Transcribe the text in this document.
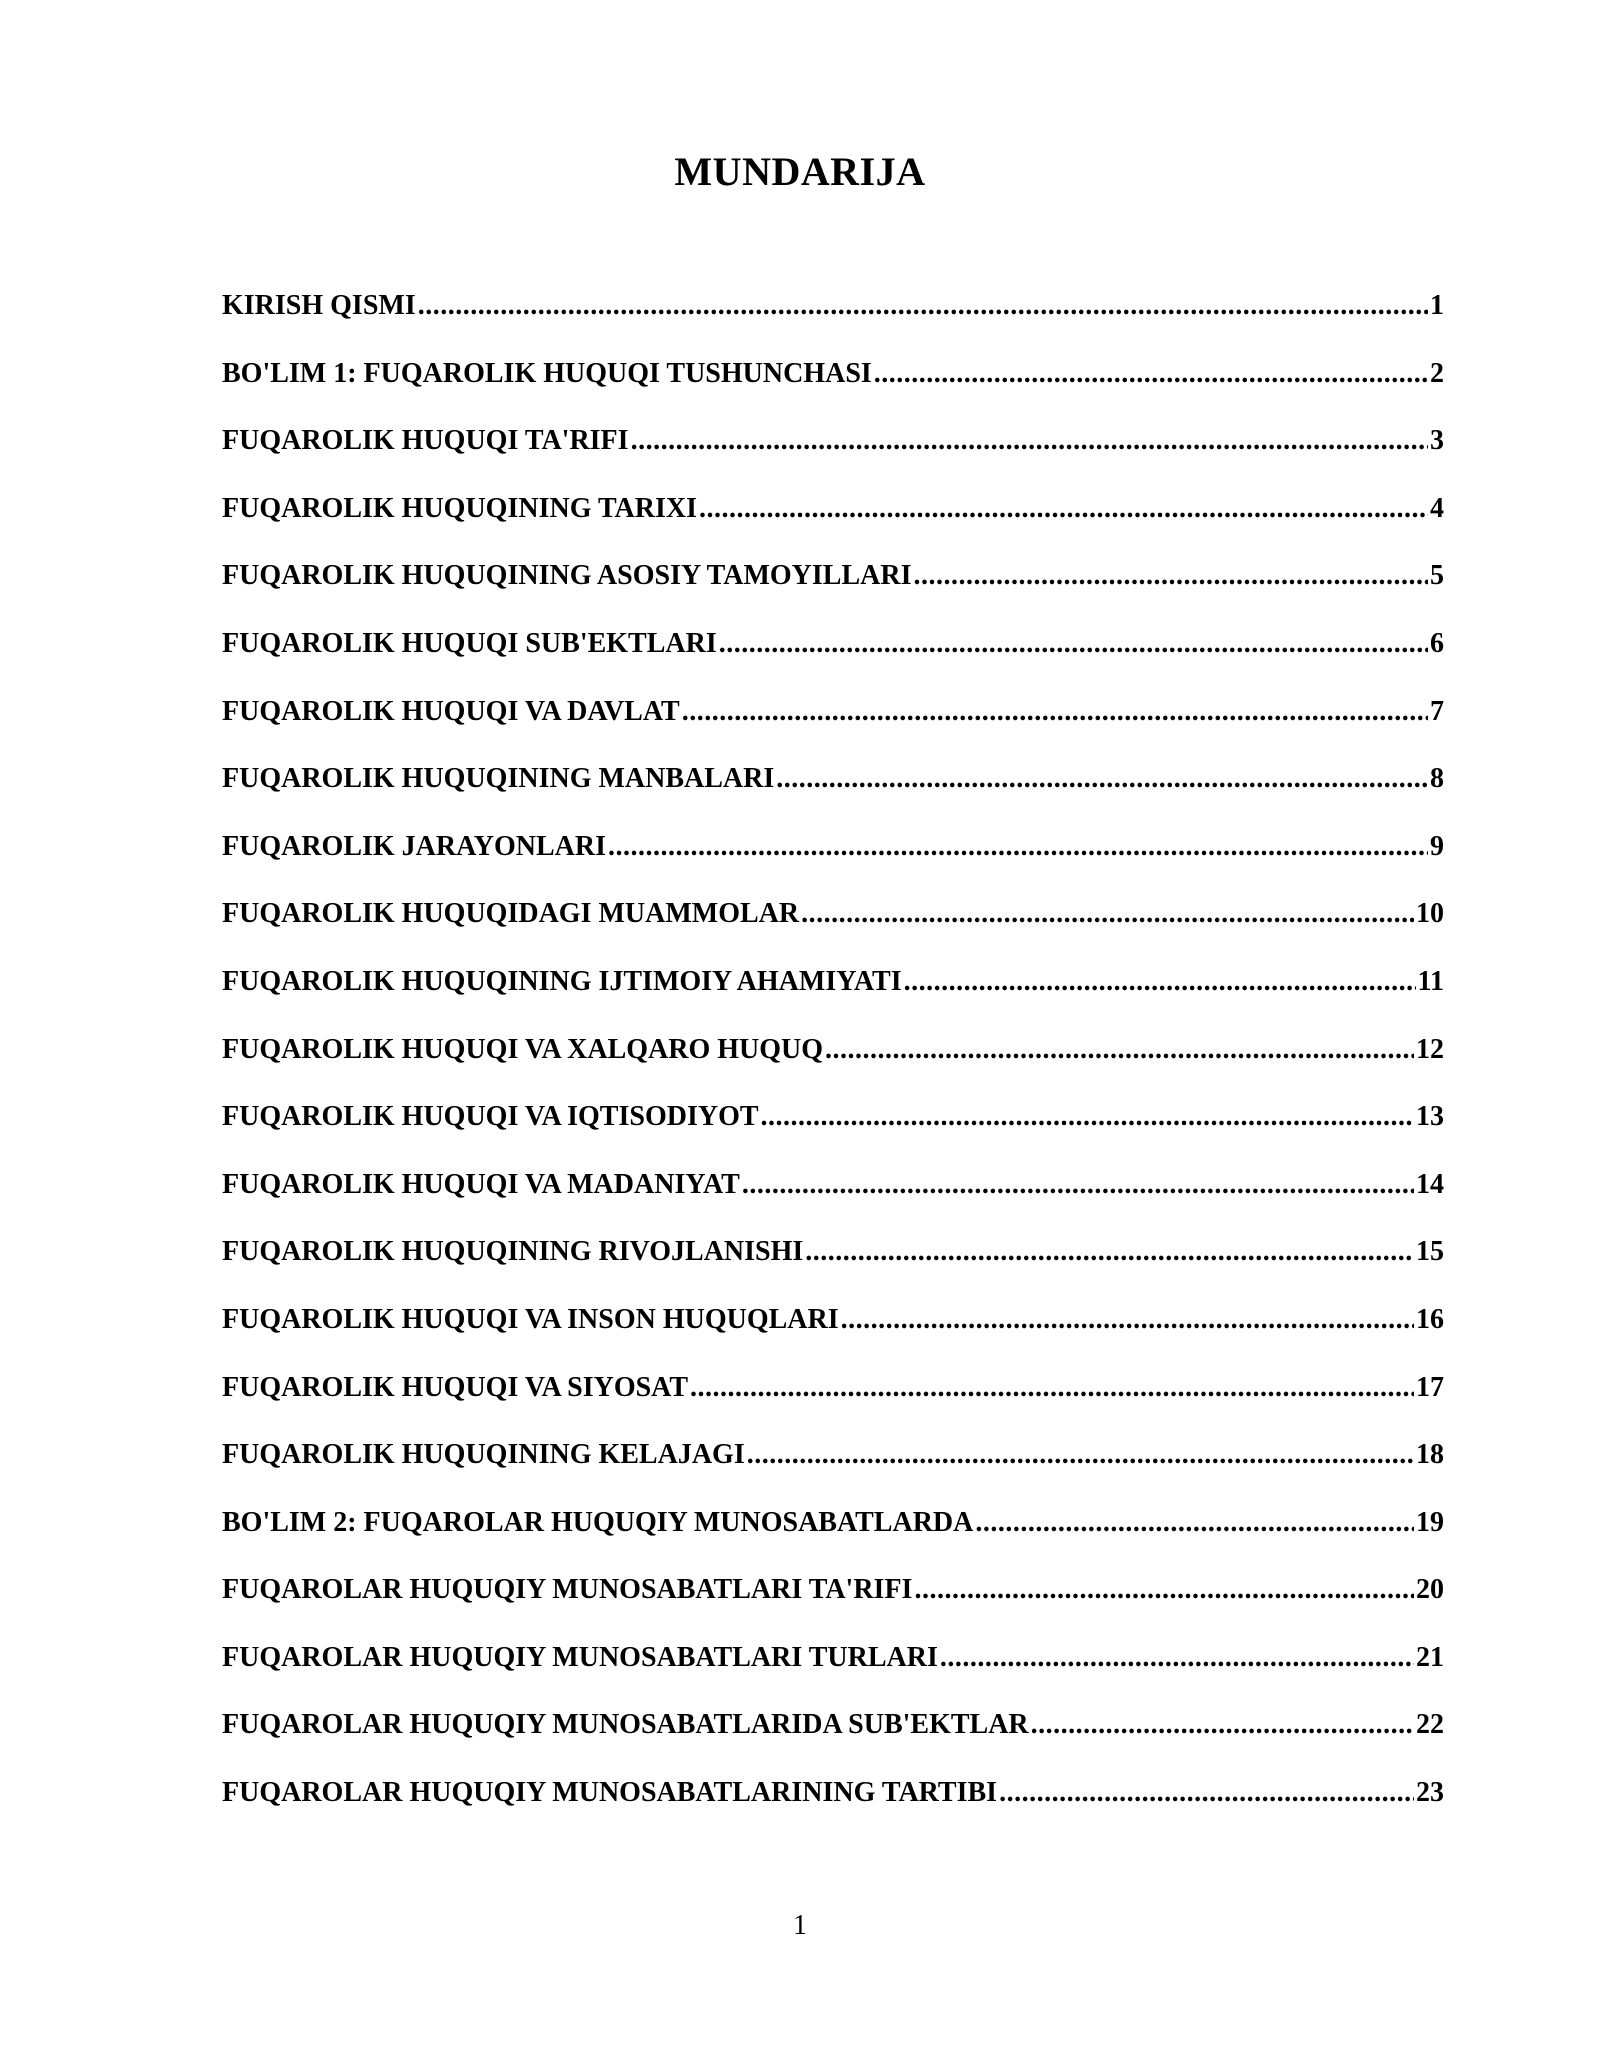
MUNDARIJA
KIRISH QISMI .....	1
BO'LIM 1: FUQAROLIK HUQUQI TUSHUNCHASI .....	2
FUQAROLIK HUQUQI TA'RIFI .....	3
FUQAROLIK HUQUQINING TARIXI .....	4
FUQAROLIK HUQUQINING ASOSIY TAMOYILLARI .....	5
FUQAROLIK HUQUQI SUB'EKTLARI .....	6
FUQAROLIK HUQUQI VA DAVLAT .....	7
FUQAROLIK HUQUQINING MANBALARI .....	8
FUQAROLIK JARAYONLARI .....	9
FUQAROLIK HUQUQIDAGI MUAMMOLAR .....	10
FUQAROLIK HUQUQINING IJTIMOIY AHAMIYATI .....	11
FUQAROLIK HUQUQI VA XALQARO HUQUQ .....	12
FUQAROLIK HUQUQI VA IQTISODIYOT .....	13
FUQAROLIK HUQUQI VA MADANIYAT .....	14
FUQAROLIK HUQUQINING RIVOJLANISHI .....	15
FUQAROLIK HUQUQI VA INSON HUQUQLARI .....	16
FUQAROLIK HUQUQI VA SIYOSAT .....	17
FUQAROLIK HUQUQINING KELAJAGI .....	18
BO'LIM 2: FUQAROLAR HUQUQIY MUNOSABATLARDA .....	19
FUQAROLAR HUQUQIY MUNOSABATLARI TA'RIFI .....	20
FUQAROLAR HUQUQIY MUNOSABATLARI TURLARI .....	21
FUQAROLAR HUQUQIY MUNOSABATLARIDA SUB'EKTLAR .....	22
FUQAROLAR HUQUQIY MUNOSABATLARINING TARTIBI .....	23
1
